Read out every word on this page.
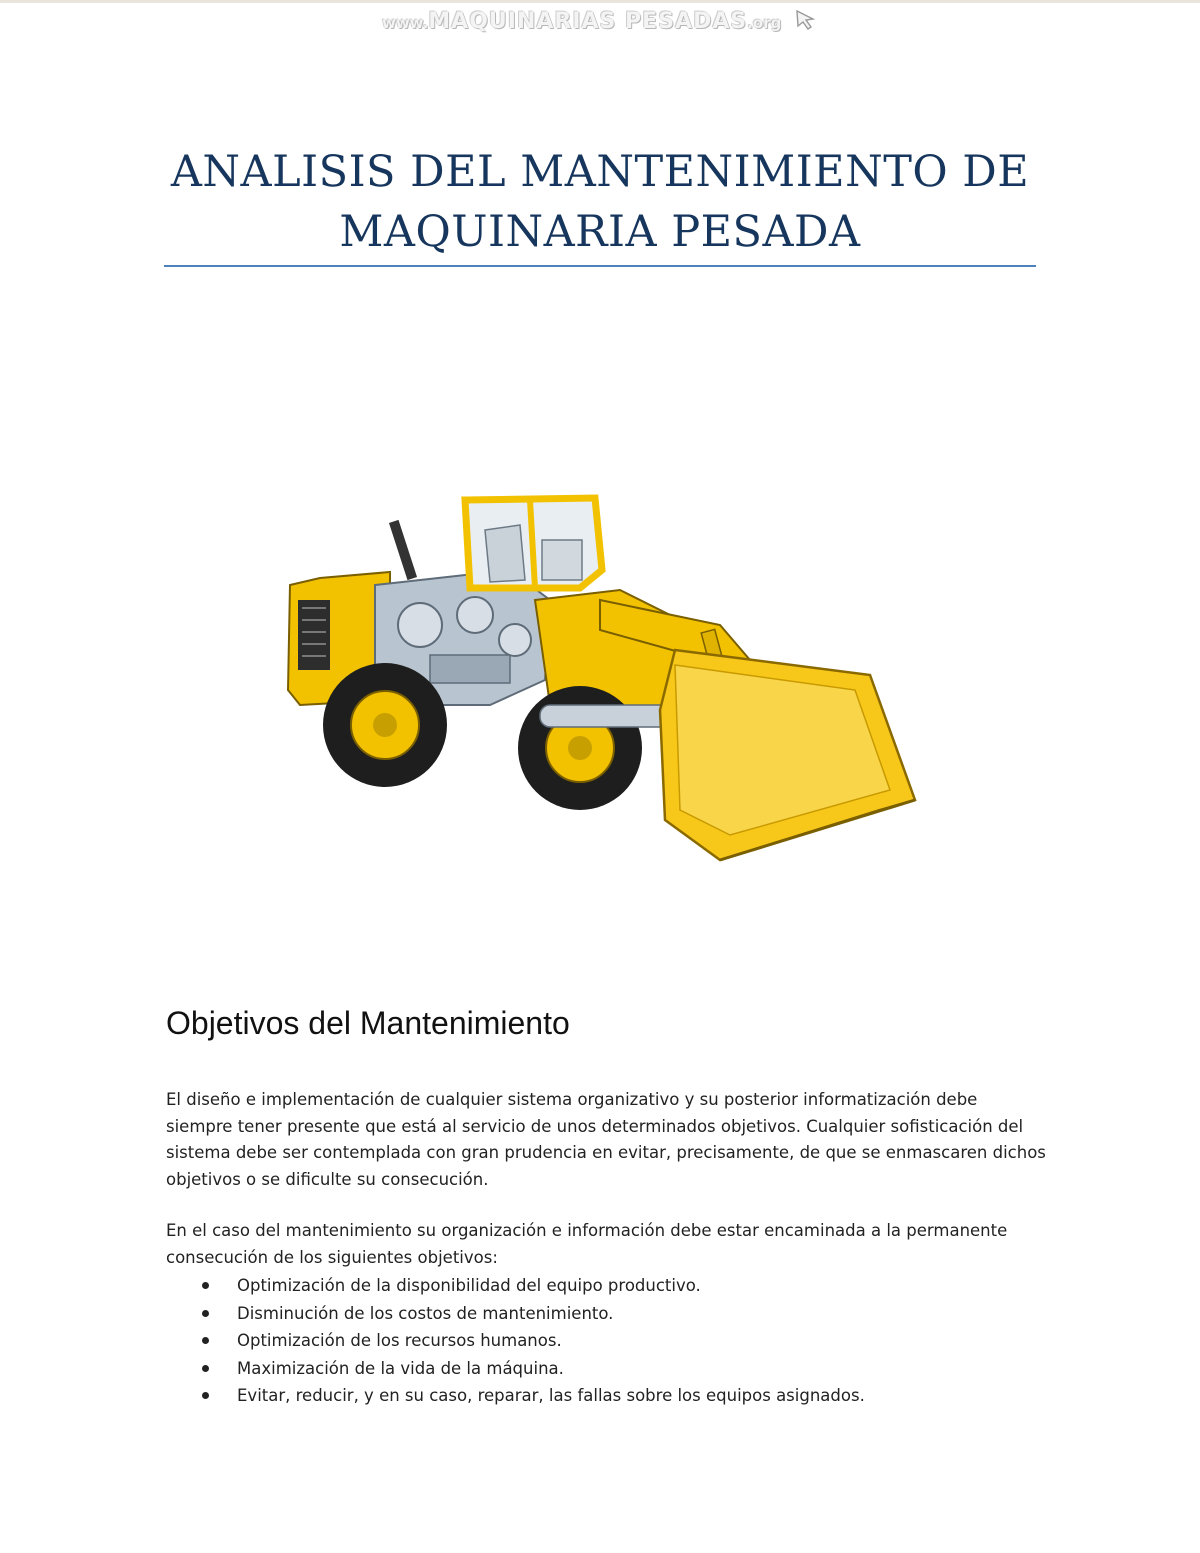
www.MAQUINARIAS PESADAS.org
ANALISIS DEL MANTENIMIENTO DE
MAQUINARIA PESADA
Objetivos del Mantenimiento

El diseño e implementación de cualquier sistema organizativo y su posterior informatización debe siempre tener presente que está al servicio de unos determinados objetivos. Cualquier sofisticación del sistema debe ser contemplada con gran prudencia en evitar, precisamente, de que se enmascaren dichos objetivos o se dificulte su consecución.

En el caso del mantenimiento su organización e información debe estar encaminada a la permanente consecución de los siguientes objetivos:

Optimización de la disponibilidad del equipo productivo.
Disminución de los costos de mantenimiento.
Optimización de los recursos humanos.
Maximización de la vida de la máquina.
Evitar, reducir, y en su caso, reparar, las fallas sobre los equipos asignados.
